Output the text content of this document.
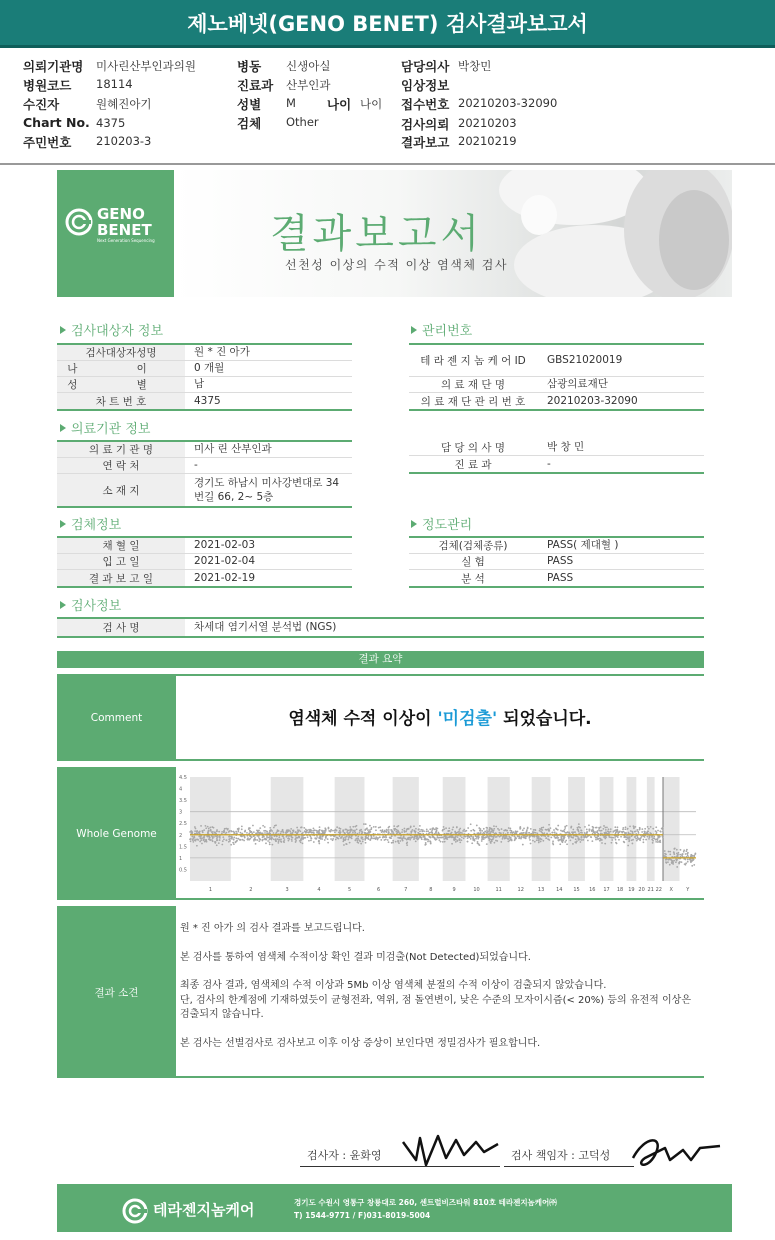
제노베넷(GENO BENET) 검사결과보고서
의뢰기관명 미사린산부인과의원
병원코드 18114
수진자	원혜진아기
Chart No. 4375
주민번호 210203-3
병동 신생아실
진료과 산부인과
성별 M 나이 나이
검체 Other
담당의사 박창민
임상정보
접수번호 20210203-32090
검사의뢰 20210203
결과보고 20210219
GENO
BENET
Next Generation Sequencing	결과보고서
선천성 이상의 수적 이상 염색체 검사
검사대상자 정보	관리번호
의료기관 정보
검체정보	정도관리
검사정보
검사대상자성명	원 * 진 아가
나 이	0 개월
성 별	남
차 트 번 호	4375
테 라 젠 지 놈 케 어 ID	GBS21020019
의 료 재 단 명	삼광의료재단
의 료 재 단 관 리 번 호	20210203-32090
의 료 기 관 명	미사 린 산부인과
연 락 처	-
소 재 지
경기도 하남시 미사강변대로 34번길 66, 2~ 5층
담 당 의 사 명	박 창 민
진 료 과	-
채 혈 일	2021-02-03
입 고 일	2021-02-04
결 과 보 고 일	2021-02-19
검체(검체종류)	PASS( 제대혈 )
실 험	PASS
분 석	PASS
검 사 명	차세대 염기서열 분석법 (NGS)
결과 요약
Comment	염색체 수적 이상이 '미검출' 되었습니다.
Whole Genome
4.5
4
3.5
3
2.5
2
1.5
1
0.5
1	2	3	4	5	6	7	8	9	10	11	12	13 14 15 16 17 18 19 20 21 22 X	Y
결과 소견

원 * 진 아가 의 검사 결과를 보고드립니다.

본 검사를 통하여 염색체 수적이상 확인 결과 미검출(Not Detected)되었습니다.

최종 검사 결과, 염색체의 수적 이상과 5Mb 이상 염색체 분절의 수적 이상이 검출되지 않았습니다.

단, 검사의 한계점에 기재하였듯이 균형전좌, 역위, 점 돌연변이, 낮은 수준의 모자이시즘(< 20%) 등의 유전적 이상은 검출되지 않습니다.

본 검사는 선별검사로 검사보고 이후 이상 증상이 보인다면 정밀검사가 필요합니다.

검사자 : 윤화영	검사 책임자 : 고덕성
테라젠지놈케어	경기도 수원시 영통구 창룡대로 260, 센트럴비즈타워 810호 테라젠지놈케어㈜
T) 1544-9771 / F)031-8019-5004
